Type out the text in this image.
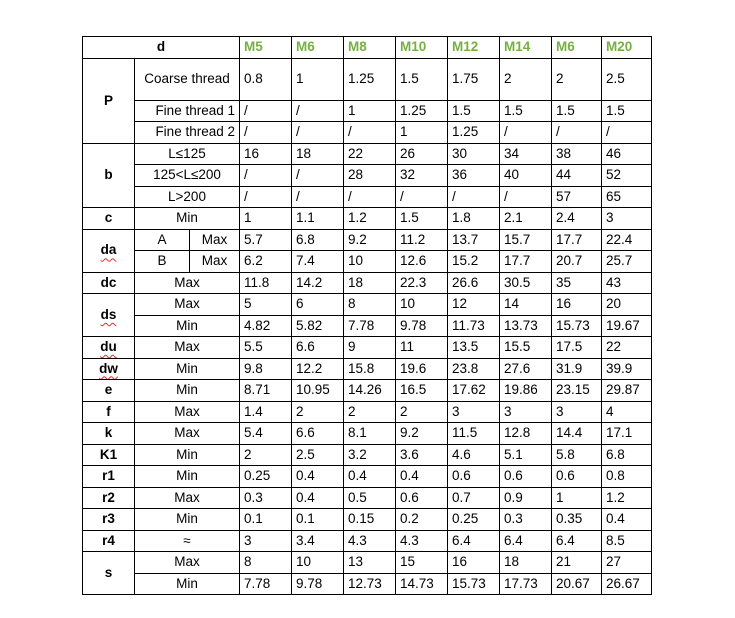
d			M5	M6	M8	M10	M12	M14	M6	M20
P	Coarse thread		0.8	1	1.25	1.5	1.75	2	2	2.5
	Fine thread 1		/	/	1	1.25	1.5	1.5	1.5	1.5
	Fine thread 2		/	/	/	1	1.25	/	/	/
b	L≤125		16	18	22	26	30	34	38	46
	125<L≤200		/	/	28	32	36	40	44	52
	L>200		/	/	/	/	/	/	57	65
c	Min		1	1.1	1.2	1.5	1.8	2.1	2.4	3
da	A	Max	5.7	6.8	9.2	11.2	13.7	15.7	17.7	22.4
	B	Max	6.2	7.4	10	12.6	15.2	17.7	20.7	25.7
dc	Max		11.8	14.2	18	22.3	26.6	30.5	35	43
ds	Max		5	6	8	10	12	14	16	20
	Min		4.82	5.82	7.78	9.78	11.73	13.73	15.73	19.67
du	Max		5.5	6.6	9	11	13.5	15.5	17.5	22
dw	Min		9.8	12.2	15.8	19.6	23.8	27.6	31.9	39.9
e	Min		8.71	10.95	14.26	16.5	17.62	19.86	23.15	29.87
f	Max		1.4	2	2	2	3	3	3	4
k	Max		5.4	6.6	8.1	9.2	11.5	12.8	14.4	17.1
K1	Min		2	2.5	3.2	3.6	4.6	5.1	5.8	6.8
r1	Min		0.25	0.4	0.4	0.4	0.6	0.6	0.6	0.8
r2	Max		0.3	0.4	0.5	0.6	0.7	0.9	1	1.2
r3	Min		0.1	0.1	0.15	0.2	0.25	0.3	0.35	0.4
r4	≈		3	3.4	4.3	4.3	6.4	6.4	6.4	8.5
s	Max		8	10	13	15	16	18	21	27
	Min		7.78	9.78	12.73	14.73	15.73	17.73	20.67	26.67
